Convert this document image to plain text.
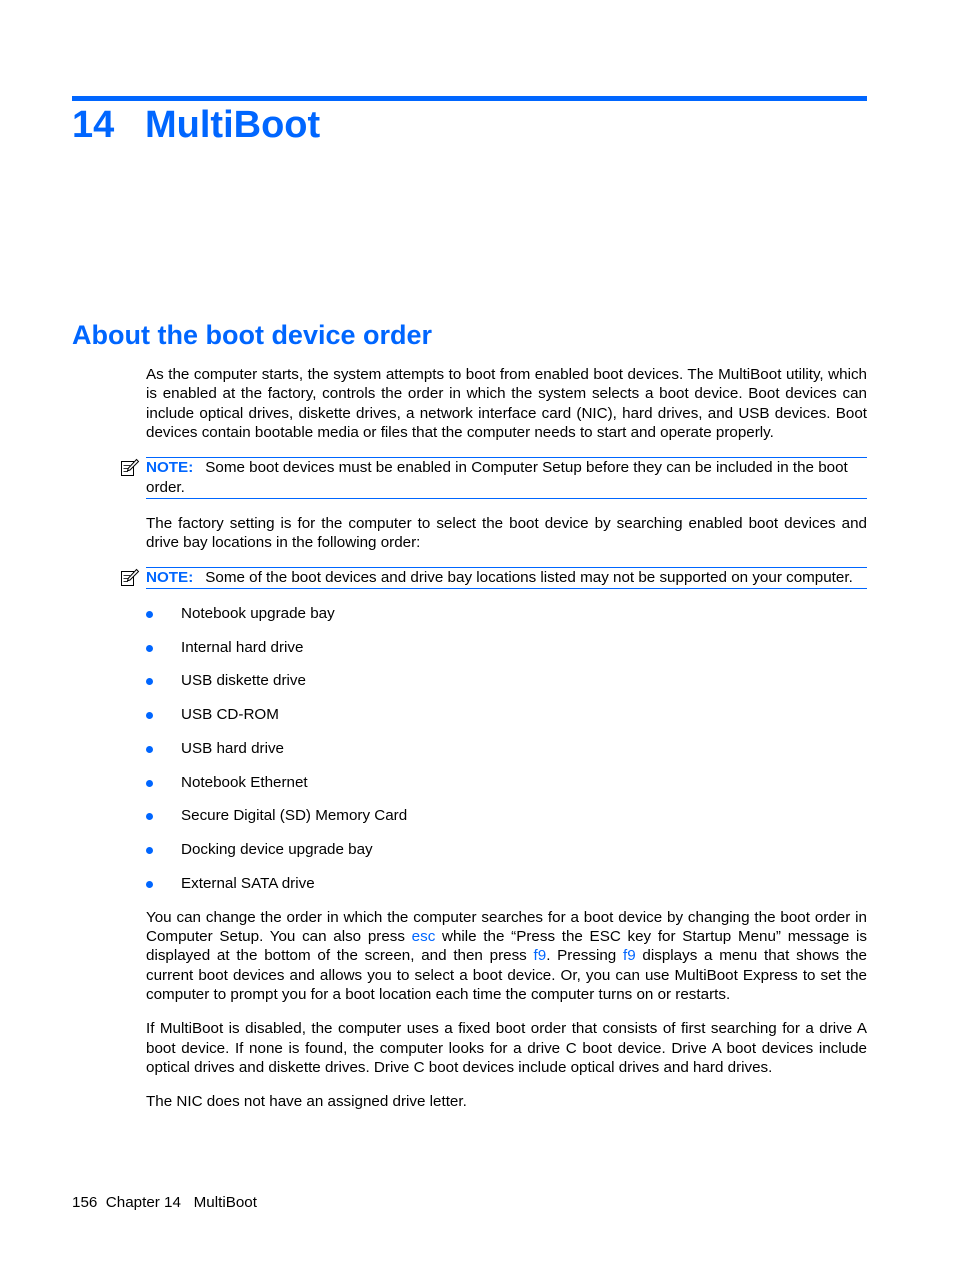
14 MultiBoot
About the boot device order

As the computer starts, the system attempts to boot from enabled boot devices. The MultiBoot utility, which is enabled at the factory, controls the order in which the system selects a boot device. Boot devices can include optical drives, diskette drives, a network interface card (NIC), hard drives, and USB devices. Boot devices contain bootable media or files that the computer needs to start and operate properly.

NOTE: Some boot devices must be enabled in Computer Setup before they can be included in the boot order.

The factory setting is for the computer to select the boot device by searching enabled boot devices and drive bay locations in the following order:

NOTE: Some of the boot devices and drive bay locations listed may not be supported on your computer.
Notebook upgrade bay
Internal hard drive
USB diskette drive
USB CD-ROM
USB hard drive
Notebook Ethernet
Secure Digital (SD) Memory Card
Docking device upgrade bay
External SATA drive

You can change the order in which the computer searches for a boot device by changing the boot order in Computer Setup. You can also press esc while the “Press the ESC key for Startup Menu” message is displayed at the bottom of the screen, and then press f9. Pressing f9 displays a menu that shows the current boot devices and allows you to select a boot device. Or, you can use MultiBoot Express to set the computer to prompt you for a boot location each time the computer turns on or restarts.

If MultiBoot is disabled, the computer uses a fixed boot order that consists of first searching for a drive A boot device. If none is found, the computer looks for a drive C boot device. Drive A boot devices include optical drives and diskette drives. Drive C boot devices include optical drives and hard drives.

The NIC does not have an assigned drive letter.

156 Chapter 14 MultiBoot
